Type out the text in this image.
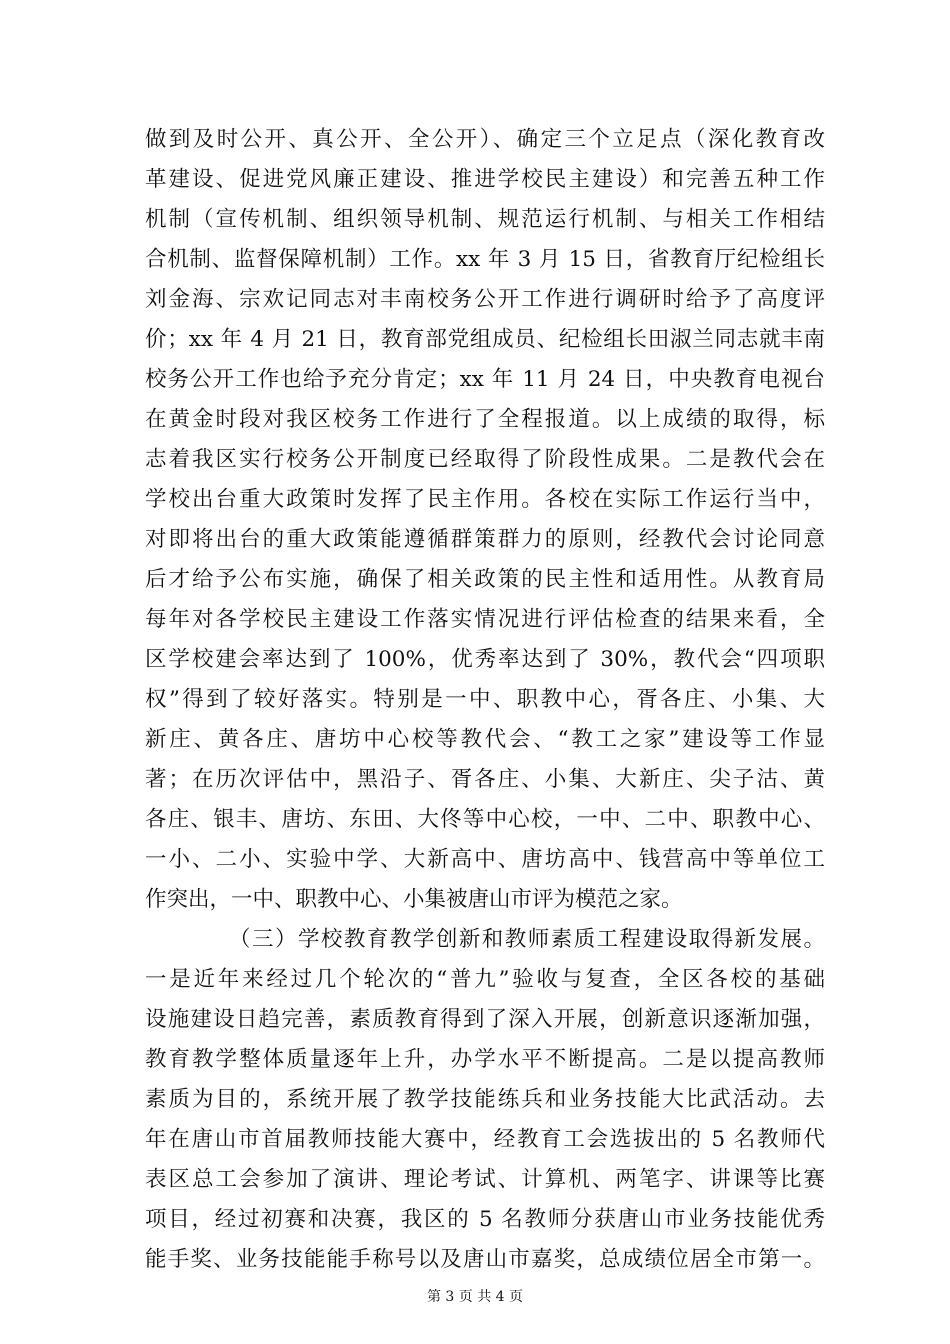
做到及时公开、真公开、全公开）、确定三个立足点（深化教育改
革建设、促进党风廉正建设、推进学校民主建设）和完善五种工作
机制（宣传机制、组织领导机制、规范运行机制、与相关工作相结
合机制、监督保障机制）工作。xx 年 3 月 15 日，省教育厅纪检组长
刘金海、宗欢记同志对丰南校务公开工作进行调研时给予了高度评
价；xx 年 4 月 21 日，教育部党组成员、纪检组长田淑兰同志就丰南
校务公开工作也给予充分肯定；xx 年 11 月 24 日，中央教育电视台
在黄金时段对我区校务工作进行了全程报道。以上成绩的取得，标
志着我区实行校务公开制度已经取得了阶段性成果。二是教代会在
学校出台重大政策时发挥了民主作用。各校在实际工作运行当中，
对即将出台的重大政策能遵循群策群力的原则，经教代会讨论同意
后才给予公布实施，确保了相关政策的民主性和适用性。从教育局
每年对各学校民主建设工作落实情况进行评估检查的结果来看，全
区学校建会率达到了 100%，优秀率达到了 30%，教代会“四项职
权”得到了较好落实。特别是一中、职教中心，胥各庄、小集、大
新庄、黄各庄、唐坊中心校等教代会、“教工之家”建设等工作显
著；在历次评估中，黑沿子、胥各庄、小集、大新庄、尖子沽、黄
各庄、银丰、唐坊、东田、大佟等中心校，一中、二中、职教中心、
一小、二小、实验中学、大新高中、唐坊高中、钱营高中等单位工
作突出，一中、职教中心、小集被唐山市评为模范之家。
（三）学校教育教学创新和教师素质工程建设取得新发展。
一是近年来经过几个轮次的“普九”验收与复查，全区各校的基础
设施建设日趋完善，素质教育得到了深入开展，创新意识逐渐加强，
教育教学整体质量逐年上升，办学水平不断提高。二是以提高教师
素质为目的，系统开展了教学技能练兵和业务技能大比武活动。去
年在唐山市首届教师技能大赛中，经教育工会选拔出的 5 名教师代
表区总工会参加了演讲、理论考试、计算机、两笔字、讲课等比赛
项目，经过初赛和决赛，我区的 5 名教师分获唐山市业务技能优秀
能手奖、业务技能能手称号以及唐山市嘉奖，总成绩位居全市第一。
第 3 页 共 4 页
